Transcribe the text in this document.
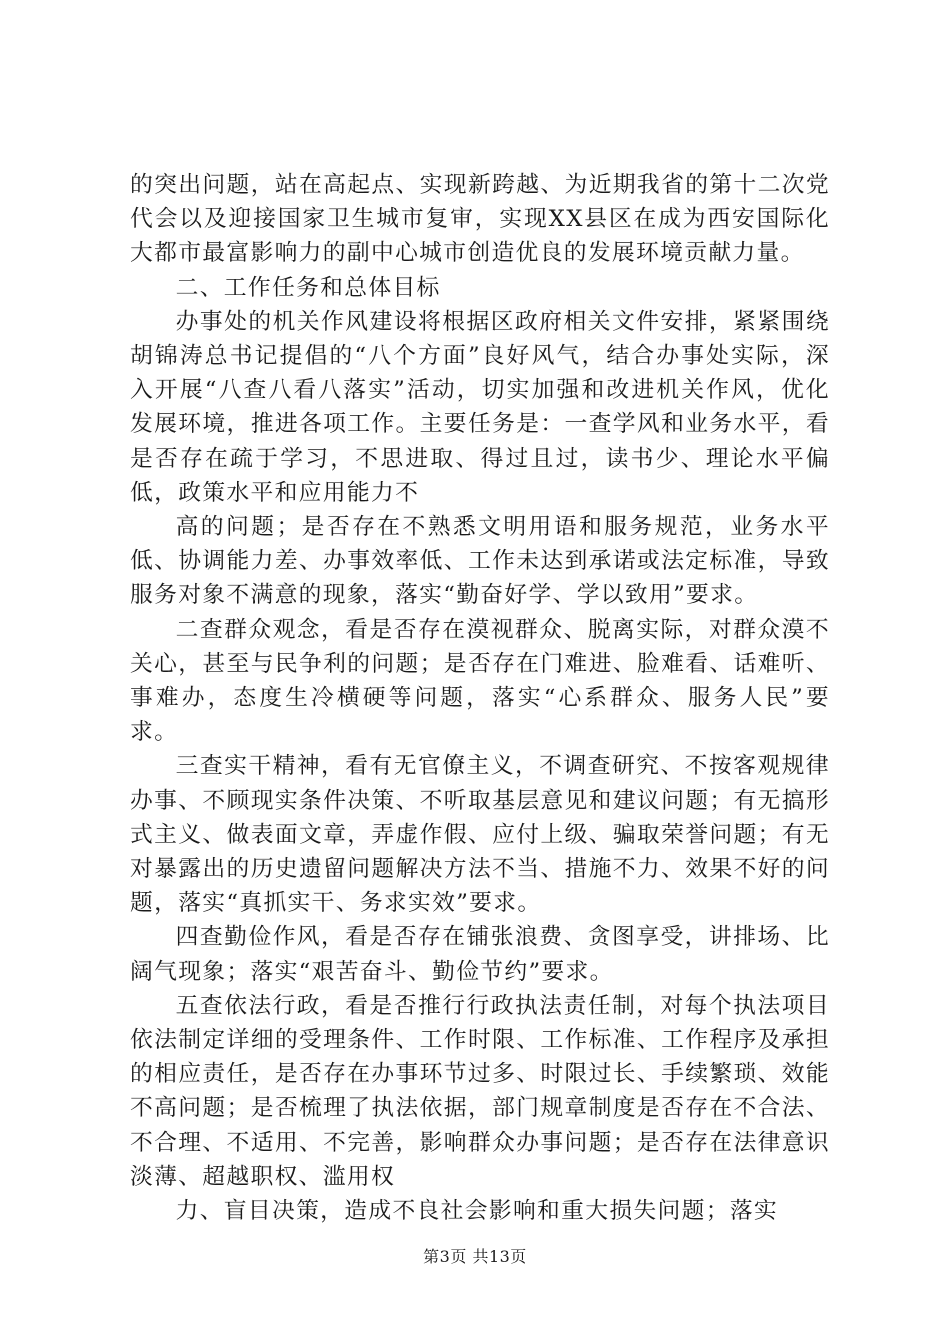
的突出问题，站在高起点、实现新跨越、为近期我省的第十二次党代会以及迎接国家卫生城市复审，实现XX县区在成为西安国际化大都市最富影响力的副中心城市创造优良的发展环境贡献力量。

二、工作任务和总体目标

办事处的机关作风建设将根据区政府相关文件安排，紧紧围绕胡锦涛总书记提倡的“八个方面”良好风气，结合办事处实际，深入开展“八查八看八落实”活动，切实加强和改进机关作风，优化发展环境，推进各项工作。主要任务是：一查学风和业务水平，看是否存在疏于学习，不思进取、得过且过，读书少、理论水平偏低，政策水平和应用能力不

高的问题；是否存在不熟悉文明用语和服务规范，业务水平低、协调能力差、办事效率低、工作未达到承诺或法定标准，导致服务对象不满意的现象，落实“勤奋好学、学以致用”要求。

二查群众观念，看是否存在漠视群众、脱离实际，对群众漠不关心，甚至与民争利的问题；是否存在门难进、脸难看、话难听、事难办，态度生冷横硬等问题，落实“心系群众、服务人民”要求。

三查实干精神，看有无官僚主义，不调查研究、不按客观规律办事、不顾现实条件决策、不听取基层意见和建议问题；有无搞形式主义、做表面文章，弄虚作假、应付上级、骗取荣誉问题；有无对暴露出的历史遗留问题解决方法不当、措施不力、效果不好的问题，落实“真抓实干、务求实效”要求。

四查勤俭作风，看是否存在铺张浪费、贪图享受，讲排场、比阔气现象；落实“艰苦奋斗、勤俭节约”要求。

五查依法行政，看是否推行行政执法责任制，对每个执法项目依法制定详细的受理条件、工作时限、工作标准、工作程序及承担的相应责任，是否存在办事环节过多、时限过长、手续繁琐、效能不高问题；是否梳理了执法依据，部门规章制度是否存在不合法、不合理、不适用、不完善，影响群众办事问题；是否存在法律意识淡薄、超越职权、滥用权

力、盲目决策，造成不良社会影响和重大损失问题；落实

第3页 共13页
